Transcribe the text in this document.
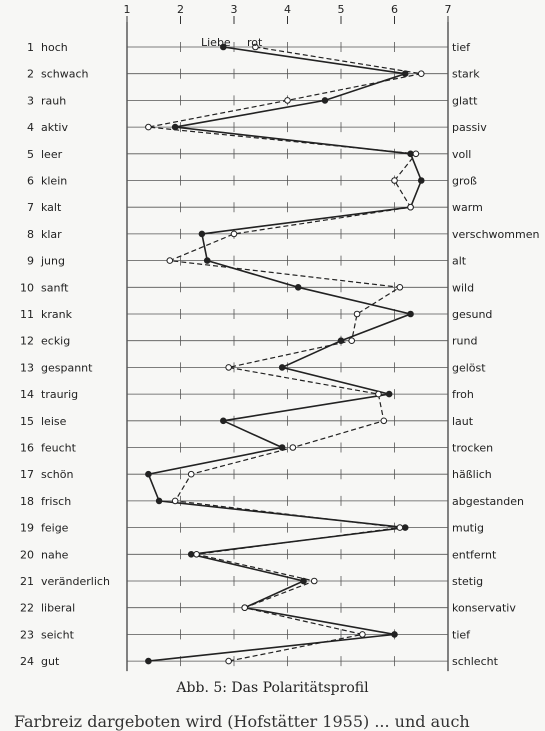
1	2	3	4	5	6	7
1 hoch	tief
2 schwach	stark
3 rauh	glatt
4 aktiv	passiv
5 leer	voll
6 klein	groß
7 kalt	warm
8 klar	verschwommen
9 jung	alt
10 sanft	wild
11 krank	gesund
12 eckig	rund
13 gespannt	gelöst
14 traurig	froh
15 leise	laut
16 feucht	trocken
17 schön	häßlich
18 frisch	abgestanden
19 feige	mutig
20 nahe	entfernt
21 veränderlich	stetig
22 liberal	konservativ
23 seicht	tief
24 gut	schlecht
Liebe rot
Abb. 5: Das Polaritätsprofil
Farbreiz dargeboten wird (Hofstätter 1955) ... und auch
